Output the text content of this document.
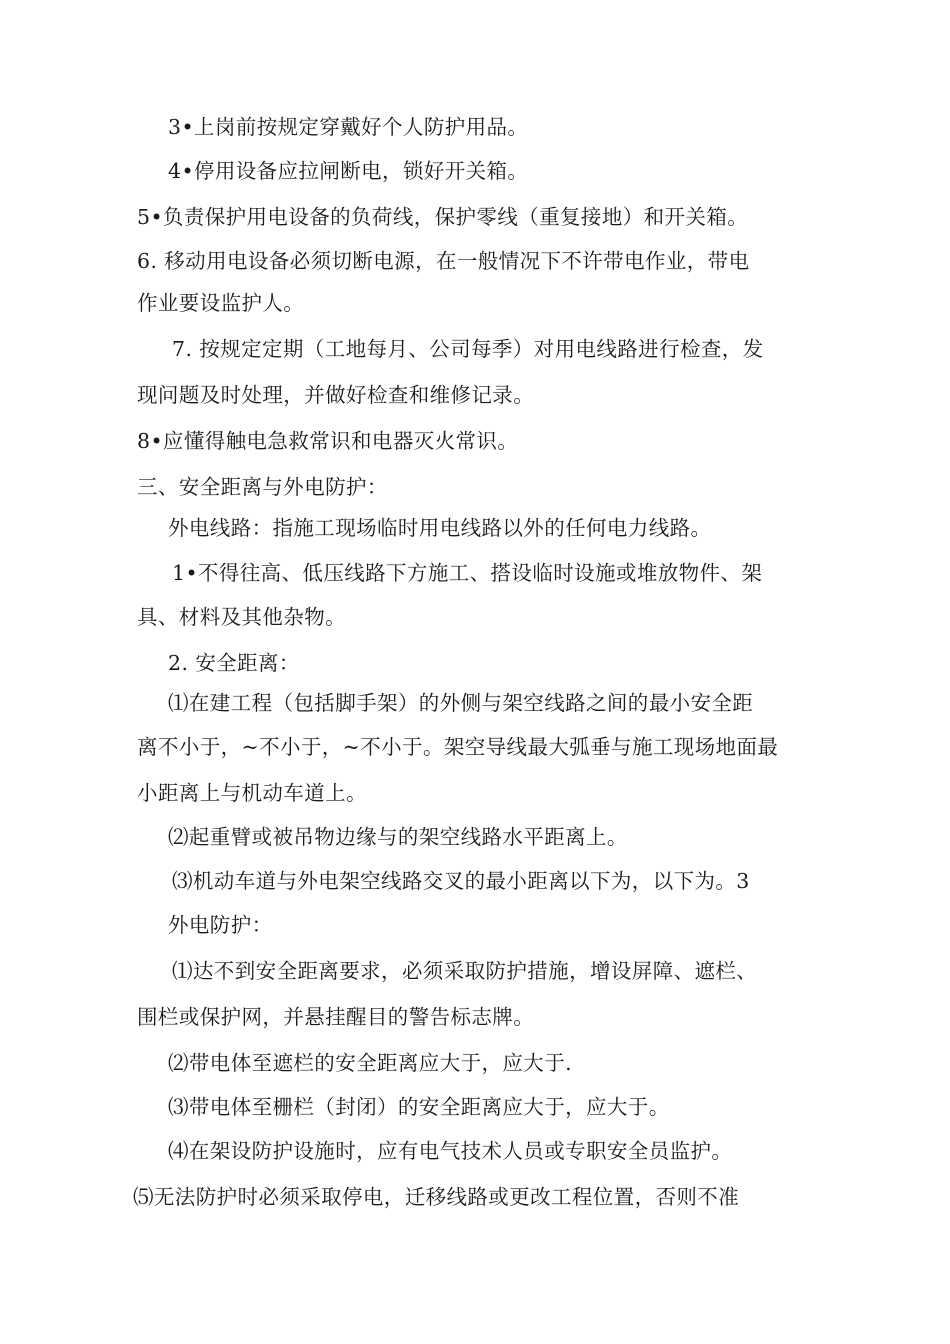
3•上岗前按规定穿戴好个人防护用品。
4•停用设备应拉闸断电，锁好开关箱。
5•负责保护用电设备的负荷线，保护零线（重复接地）和开关箱。
6. 移动用电设备必须切断电源，在一般情况下不许带电作业，带电
作业要设监护人。
7. 按规定定期（工地每月、公司每季）对用电线路进行检查，发
现问题及时处理，并做好检查和维修记录。
8•应懂得触电急救常识和电器灭火常识。
三、安全距离与外电防护：
外电线路：指施工现场临时用电线路以外的任何电力线路。
1•不得往高、低压线路下方施工、搭设临时设施或堆放物件、架
具、材料及其他杂物。
2. 安全距离：
⑴在建工程（包括脚手架）的外侧与架空线路之间的最小安全距
离不小于，~不小于，~不小于。架空导线最大弧垂与施工现场地面最
小距离上与机动车道上。
⑵起重臂或被吊物边缘与的架空线路水平距离上。
⑶机动车道与外电架空线路交叉的最小距离以下为，以下为。3
外电防护：
⑴达不到安全距离要求，必须采取防护措施，增设屏障、遮栏、
围栏或保护网，并悬挂醒目的警告标志牌。
⑵带电体至遮栏的安全距离应大于，应大于.
⑶带电体至栅栏（封闭）的安全距离应大于，应大于。
⑷在架设防护设施时，应有电气技术人员或专职安全员监护。
⑸无法防护时必须采取停电，迁移线路或更改工程位置，否则不准
